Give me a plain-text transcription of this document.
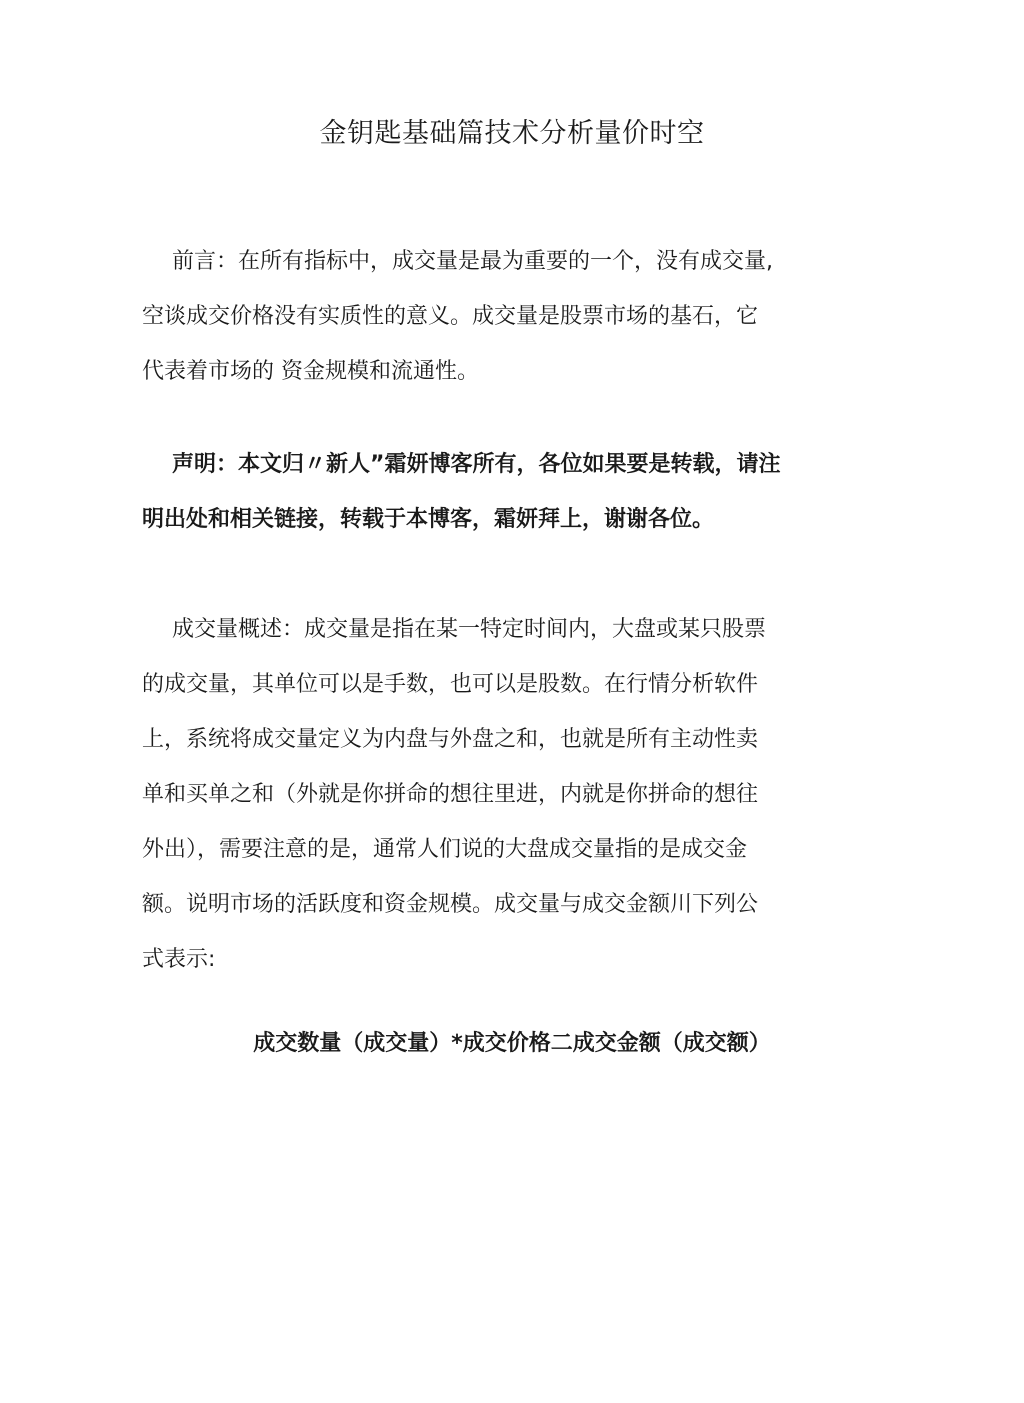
金钥匙基础篇技术分析量价时空

前言：在所有指标中，成交量是最为重要的一个，没有成交量,
空谈成交价格没有实质性的意义。成交量是股票市场的基石，它
代表着市场的 资金规模和流通性。

声明：本文归〃新人”霜妍博客所有，各位如果要是转载，请注
明出处和相关链接，转载于本博客，霜妍拜上，谢谢各位。

成交量概述：成交量是指在某一特定时间内，大盘或某只股票
的成交量，其单位可以是手数，也可以是股数。在行情分析软件
上，系统将成交量定义为内盘与外盘之和，也就是所有主动性卖
单和买单之和（外就是你拼命的想往里进，内就是你拼命的想往
外出），需要注意的是，通常人们说的大盘成交量指的是成交金
额。说明市场的活跃度和资金规模。成交量与成交金额川下列公
式表示:

成交数量（成交量）*成交价格二成交金额（成交额）
